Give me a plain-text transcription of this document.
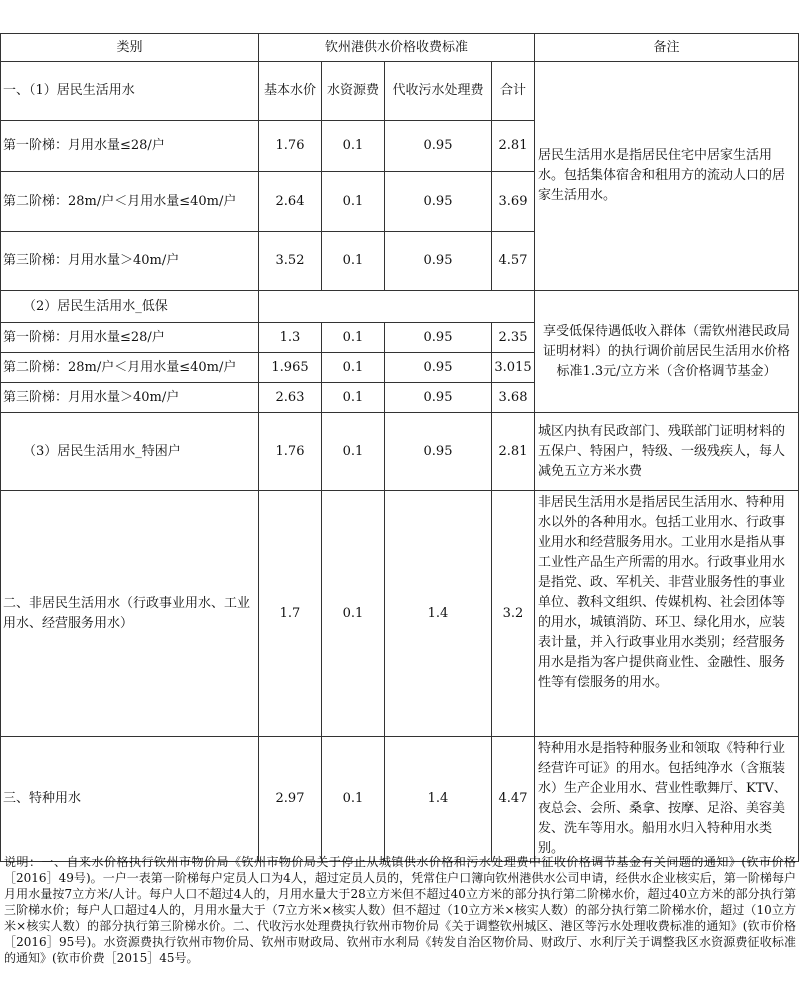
类别	钦州港供水价格收费标准				备注
一、（1）居民生活用水	基本水价	水资源费	代收污水处理费	合计	居民生活用水是指居民住宅中居家生活用水。包括集体宿舍和租用方的流动人口的居家生活用水。
第一阶梯：月用水量≤28/户	1.76	0.1	0.95	2.81	
第二阶梯：28m/户＜月用水量≤40m/户	2.64	0.1	0.95	3.69	
第三阶梯：月用水量＞40m/户	3.52	0.1	0.95	4.57	
（2）居民生活用水_低保					享受低保待遇低收入群体（需钦州港民政局证明材料）的执行调价前居民生活用水价格标准1.3元/立方米（含价格调节基金）
第一阶梯：月用水量≤28/户	1.3	0.1	0.95	2.35	
第二阶梯：28m/户＜月用水量≤40m/户	1.965	0.1	0.95	3.015	
第三阶梯：月用水量＞40m/户	2.63	0.1	0.95	3.68	
（3）居民生活用水_特困户	1.76	0.1	0.95	2.81	城区内执有民政部门、残联部门证明材料的五保户、特困户，特级、一级残疾人，每人减免五立方米水费
二、非居民生活用水（行政事业用水、工业用水、经营服务用水）	1.7	0.1	1.4	3.2	非居民生活用水是指居民生活用水、特种用水以外的各种用水。包括工业用水、行政事业用水和经营服务用水。工业用水是指从事工业性产品生产所需的用水。行政事业用水是指党、政、军机关、非营业服务性的事业单位、教科文组织、传媒机构、社会团体等的用水，城镇消防、环卫、绿化用水，应装表计量，并入行政事业用水类别；经营服务用水是指为客户提供商业性、金融性、服务性等有偿服务的用水。
三、特种用水	2.97	0.1	1.4	4.47	特种用水是指特种服务业和领取《特种行业经营许可证》的用水。包括纯净水（含瓶装水）生产企业用水、营业性歌舞厅、KTV、夜总会、会所、桑拿、按摩、足浴、美容美发、洗车等用水。船用水归入特种用水类别。
说明：一、自来水价格执行钦州市物价局《钦州市物价局关于停止从城镇供水价格和污水处理费中征收价格调节基金有关问题的通知》(钦市价格［2016］49号)。一户一表第一阶梯每户定员人口为4人，超过定员人员的，凭常住户口簿向钦州港供水公司申请，经供水企业核实后，第一阶梯每户月用水量按7立方米/人计。每户人口不超过4人的，月用水量大于28立方米但不超过40立方米的部分执行第二阶梯水价，超过40立方米的部分执行第三阶梯水价；每户人口超过4人的，月用水量大于（7立方米×核实人数）但不超过（10立方米×核实人数）的部分执行第二阶梯水价，超过（10立方米×核实人数）的部分执行第三阶梯水价。二、代收污水处理费执行钦州市物价局《关于调整钦州城区、港区等污水处理收费标准的通知》(钦市价格［2016］95号)。水资源费执行钦州市物价局、钦州市财政局、钦州市水利局《转发自治区物价局、财政厅、水利厅关于调整我区水资源费征收标准的通知》(钦市价费［2015］45号。
